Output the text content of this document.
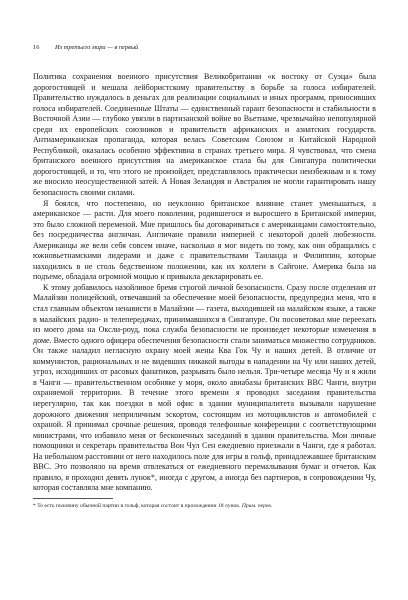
16 Из третьего мира — в первый

Политика сохранения военного присутствия Великобритании «к востоку от Суэца» была дорогостоящей и мешала лейбористскому правительству в борьбе за голоса избирателей. Правительство нуждалось в деньгах для реализации социальных и иных программ, приносивших голоса избирателей. Соединенные Штаты — единственный гарант безопасности и стабильности в Восточной Азии — глубоко увязли в партизанской войне во Вьетнаме, чрезвычайно непопулярной среди их европейских союзников и правительств африканских и азиатских государств. Антиамериканская пропаганда, которая велась Советским Союзом и Китайской Народной Республикой, оказалась особенно эффективна в странах третьего мира. Я чувствовал, что смена британского военного присутствия на американское стала бы для Сингапура политически дорогостоящей, и то, что этого не произойдет, представлялось практически неизбежным и к тому же вносило неосущественной затей. А Новая Зеландия и Австралия не могли гарантировать нашу безопасность своими силами.

Я боялся, что постепенно, но неуклонно британское влияние станет уменьшаться, а американское — расти. Для моего поколения, родившегося и выросшего в Британской империи, это было сложной переменой. Мне пришлось бы договариваться с американцами самостоятельно, без посредничества англичан. Англичане правили империей с некоторой долей любезности. Американцы же вели себя совсем иначе, насколько я мог видеть по тому, как они обращались с южновьетнамскими лидерами и даже с правительствами Таиланда и Филиппин, которые находились в не столь бедственном положении, как их коллеги в Сайгоне. Америка была на подъеме, обладала огромной мощью и привыкла декларировать ее.

К этому добавилось назойливое бремя строгой личной безопасности. Сразу после отделения от Малайзии полицейский, отвечавший за обеспечение моей безопасности, предупредил меня, что я стал главным объектом ненависти в Малайзии — газета, выходившей на малайском языке, а также в малайских радио- и телепередачах, принимавшихся в Сингапуре. Он посоветовал мне переехать из моего дома на Оксли-роуд, пока служба безопасности не произведет некоторые изменения в доме. Вместо одного офицера обеспечения безопасности стали заниматься множество сотрудников. Он также наладил негласную охрану моей жены Ква Гок Чу и наших детей. В отличие от коммунистов, рациональных и не видевших никакой выгоды в нападении на Чу или наших детей, угроз, исходивших от расовых фанатиков, разрывать было нельзя. Три-четыре месяца Чу и я жили в Чанги — правительственном особняке у моря, около авиабазы британских ВВС Чанги, внутри охраняемой территории. В течение этого времени я проводил заседания правительства нерегулярно, так как поездки в мой офис в здании муниципалитета вызывали нарушение дорожного движения неприличным эскортом, состоящим из мотоциклистов и автомобилей с охраной. Я принимал срочные решения, проводя телефонные конференции с соответствующими министрами, что избавило меня от бесконечных заседаний в здании правительства. Мои личные помощники и секретарь правительства Вон Чул Сен ежедневно приезжали в Чанги, где я работал. На небольшом расстоянии от него находилось поле для игры в гольф, принадлежавшее британским ВВС. Это позволяло на время отвлекаться от ежедневного перемалывания бумаг и отчетов. Как правило, я проходил девять лунок*, иногда с другом, а иногда без партнеров, в сопровождении Чу, которая составляла мне компанию.

* То есть половину обычной партии в гольф, которая состоит в прохождении 18 лунок. Прим. перев.
